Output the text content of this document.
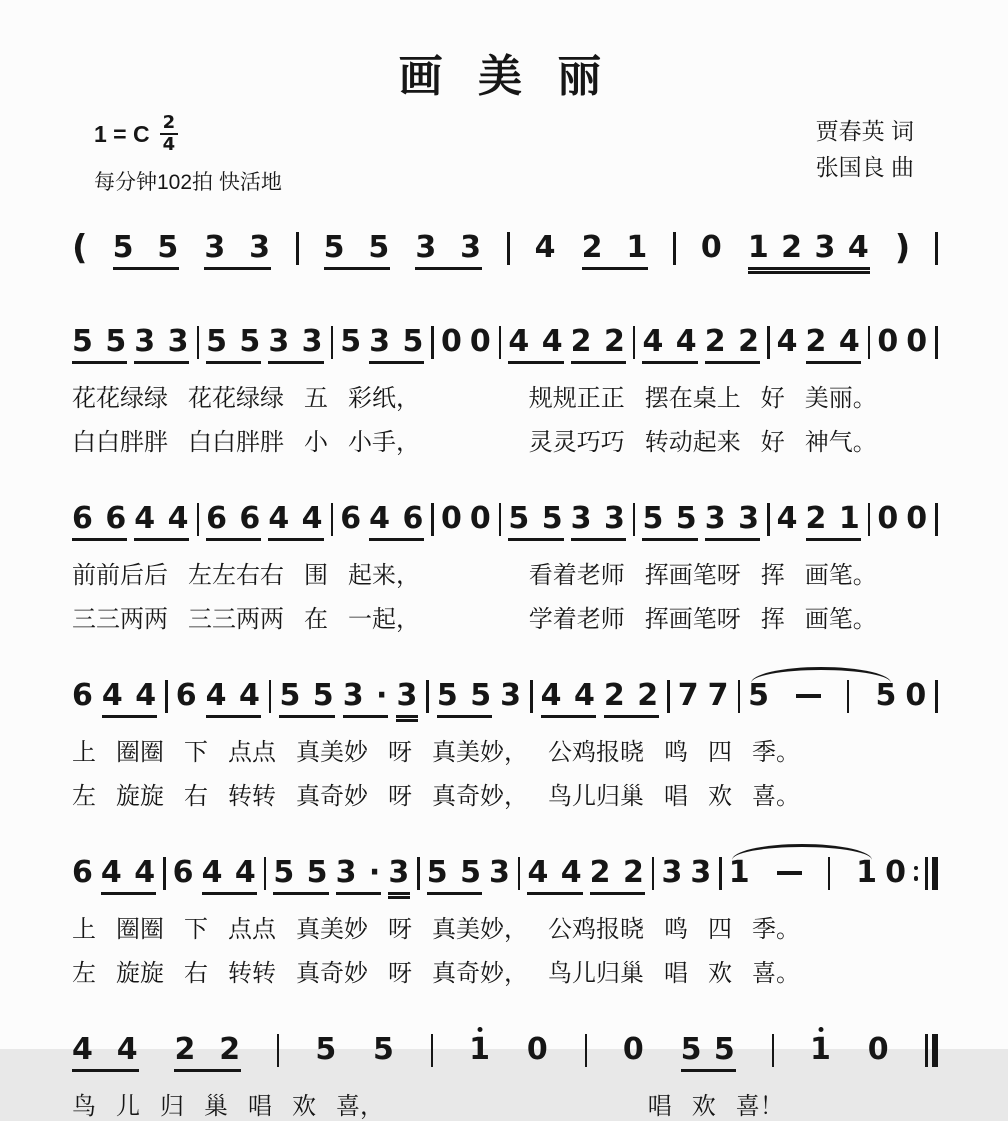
画 美 丽
1 = C $\frac{2}{4}$
每分钟102拍 快活地
贾春英 词
张国良 曲
( 5  5 3  3 5  5 3  3 4 2  1 0 1 2 3 4 )
5 5 3 3 5 5 3 3 5 3 5 0 0 4 4 2 2 4 4 2 2 4 2 4 0 0
花花绿绿 花花绿绿 五 彩纸，	规规正正 摆在桌上 好 美丽。
白白胖胖 白白胖胖 小 小手，	灵灵巧巧 转动起来 好 神气。
6 6 4 4 6 6 4 4 6 4 6 0 0 5 5 3 3 5 5 3 3 4 2 1 0 0
前前后后 左左右右 围 起来，	看着老师 挥画笔呀 挥 画笔。
三三两两 三三两两 在 一起，	学着老师 挥画笔呀 挥 画笔。
6 4 4 6 4 4 5 5 3 · 3 5 5 3 4 4 2 2 7 7 5	5 0
上 圈圈 下 点点 真美妙 呀 真美妙， 公鸡报晓 鸣 四 季。
左 旋旋 右 转转 真奇妙 呀 真奇妙， 鸟儿归巢 唱 欢 喜。
6 4 4 6 4 4 5 5 3 · 3 5 5 3 4 4 2 2 3 3 1	1 0
上 圈圈 下 点点 真美妙 呀 真美妙， 公鸡报晓 鸣 四 季。
左 旋旋 右 转转 真奇妙 呀 真奇妙， 鸟儿归巢 唱 欢 喜。
4  4 2  2 5 5 1 0 0 5 5 1 0
鸟 儿 归 巢 唱 欢 喜，	唱 欢 喜！
